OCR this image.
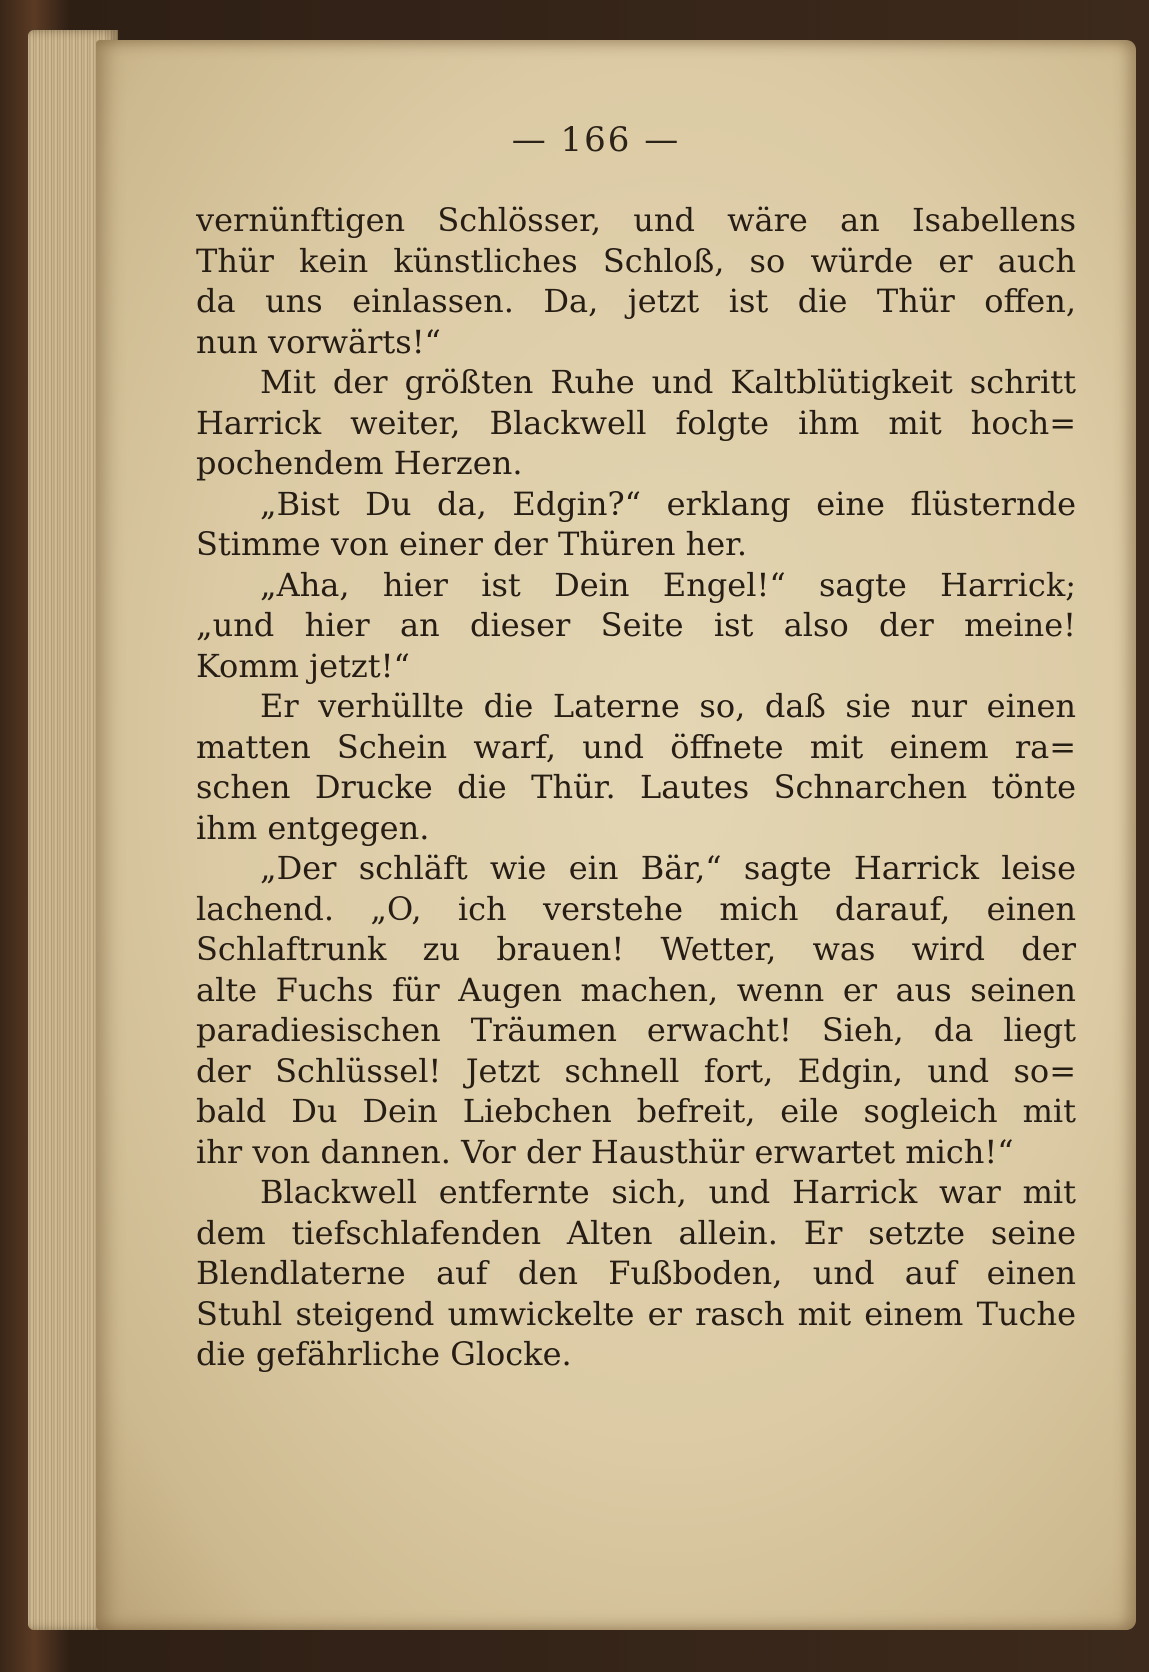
— 166 —
vernünftigen Schlösser, und wäre an Isabellens
Thür kein künstliches Schloß, so würde er auch
da uns einlassen. Da, jetzt ist die Thür offen,
nun vorwärts!“
Mit der größten Ruhe und Kaltblütigkeit schritt
Harrick weiter, Blackwell folgte ihm mit hoch=
pochendem Herzen.
„Bist Du da, Edgin?“ erklang eine flüsternde
Stimme von einer der Thüren her.
„Aha, hier ist Dein Engel!“ sagte Harrick;
„und hier an dieser Seite ist also der meine!
Komm jetzt!“
Er verhüllte die Laterne so, daß sie nur einen
matten Schein warf, und öffnete mit einem ra=
schen Drucke die Thür. Lautes Schnarchen tönte
ihm entgegen.
„Der schläft wie ein Bär,“ sagte Harrick leise
lachend. „O, ich verstehe mich darauf, einen
Schlaftrunk zu brauen! Wetter, was wird der
alte Fuchs für Augen machen, wenn er aus seinen
paradiesischen Träumen erwacht! Sieh, da liegt
der Schlüssel! Jetzt schnell fort, Edgin, und so=
bald Du Dein Liebchen befreit, eile sogleich mit
ihr von dannen. Vor der Hausthür erwartet mich!“
Blackwell entfernte sich, und Harrick war mit
dem tiefschlafenden Alten allein. Er setzte seine
Blendlaterne auf den Fußboden, und auf einen
Stuhl steigend umwickelte er rasch mit einem Tuche
die gefährliche Glocke.
